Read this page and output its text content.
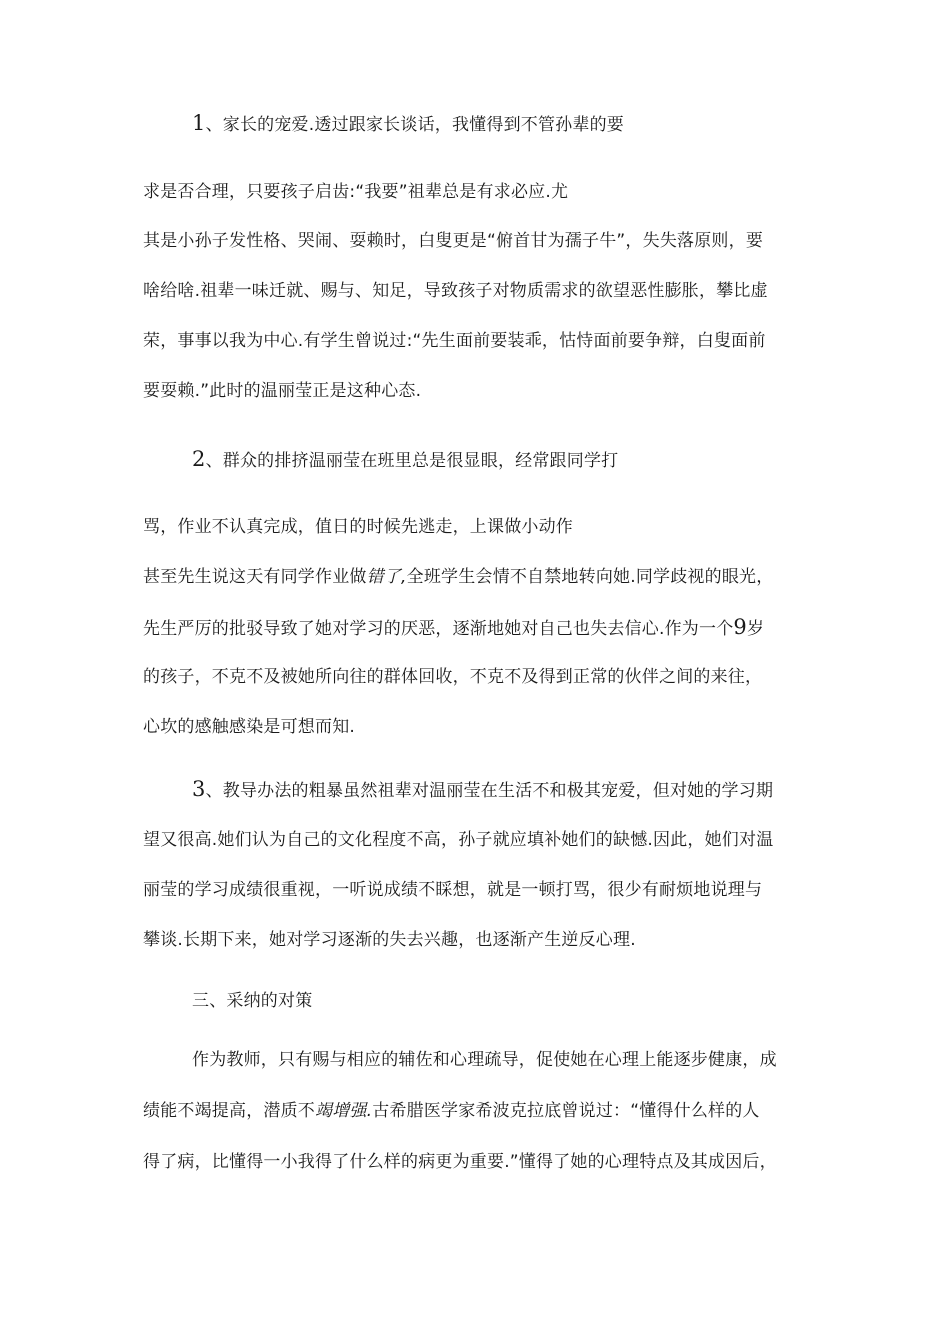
1、家长的宠爱.透过跟家长谈话，我懂得到不管孙辈的要
求是否合理，只要孩子启齿:“我要”祖辈总是有求必应.尤
其是小孙子发性格、哭闹、耍赖时，白叟更是“俯首甘为孺子牛”，失失落原则，要
啥给啥.祖辈一味迁就、赐与、知足，导致孩子对物质需求的欲望恶性膨胀，攀比虚
荣，事事以我为中心.有学生曾说过:“先生面前要装乖，怙恃面前要争辩，白叟面前
要耍赖.”此时的温丽莹正是这种心态.
2、群众的排挤温丽莹在班里总是很显眼，经常跟同学打
骂，作业不认真完成，值日的时候先逃走，上课做小动作
甚至先生说这天有同学作业做错了,全班学生会情不自禁地转向她.同学歧视的眼光，
先生严厉的批驳导致了她对学习的厌恶，逐渐地她对自己也失去信心.作为一个9岁
的孩子，不克不及被她所向往的群体回收，不克不及得到正常的伙伴之间的来往，
心坎的感触感染是可想而知.
3、教导办法的粗暴虽然祖辈对温丽莹在生活不和极其宠爱，但对她的学习期
望又很高.她们认为自己的文化程度不高，孙子就应填补她们的缺憾.因此，她们对温
丽莹的学习成绩很重视，一听说成绩不睬想，就是一顿打骂，很少有耐烦地说理与
攀谈.长期下来，她对学习逐渐的失去兴趣，也逐渐产生逆反心理.
三、采纳的对策
作为教师，只有赐与相应的辅佐和心理疏导，促使她在心理上能逐步健康，成
绩能不竭提高，潜质不竭增强.古希腊医学家希波克拉底曾说过：“懂得什么样的人
得了病，比懂得一小我得了什么样的病更为重要.”懂得了她的心理特点及其成因后，
